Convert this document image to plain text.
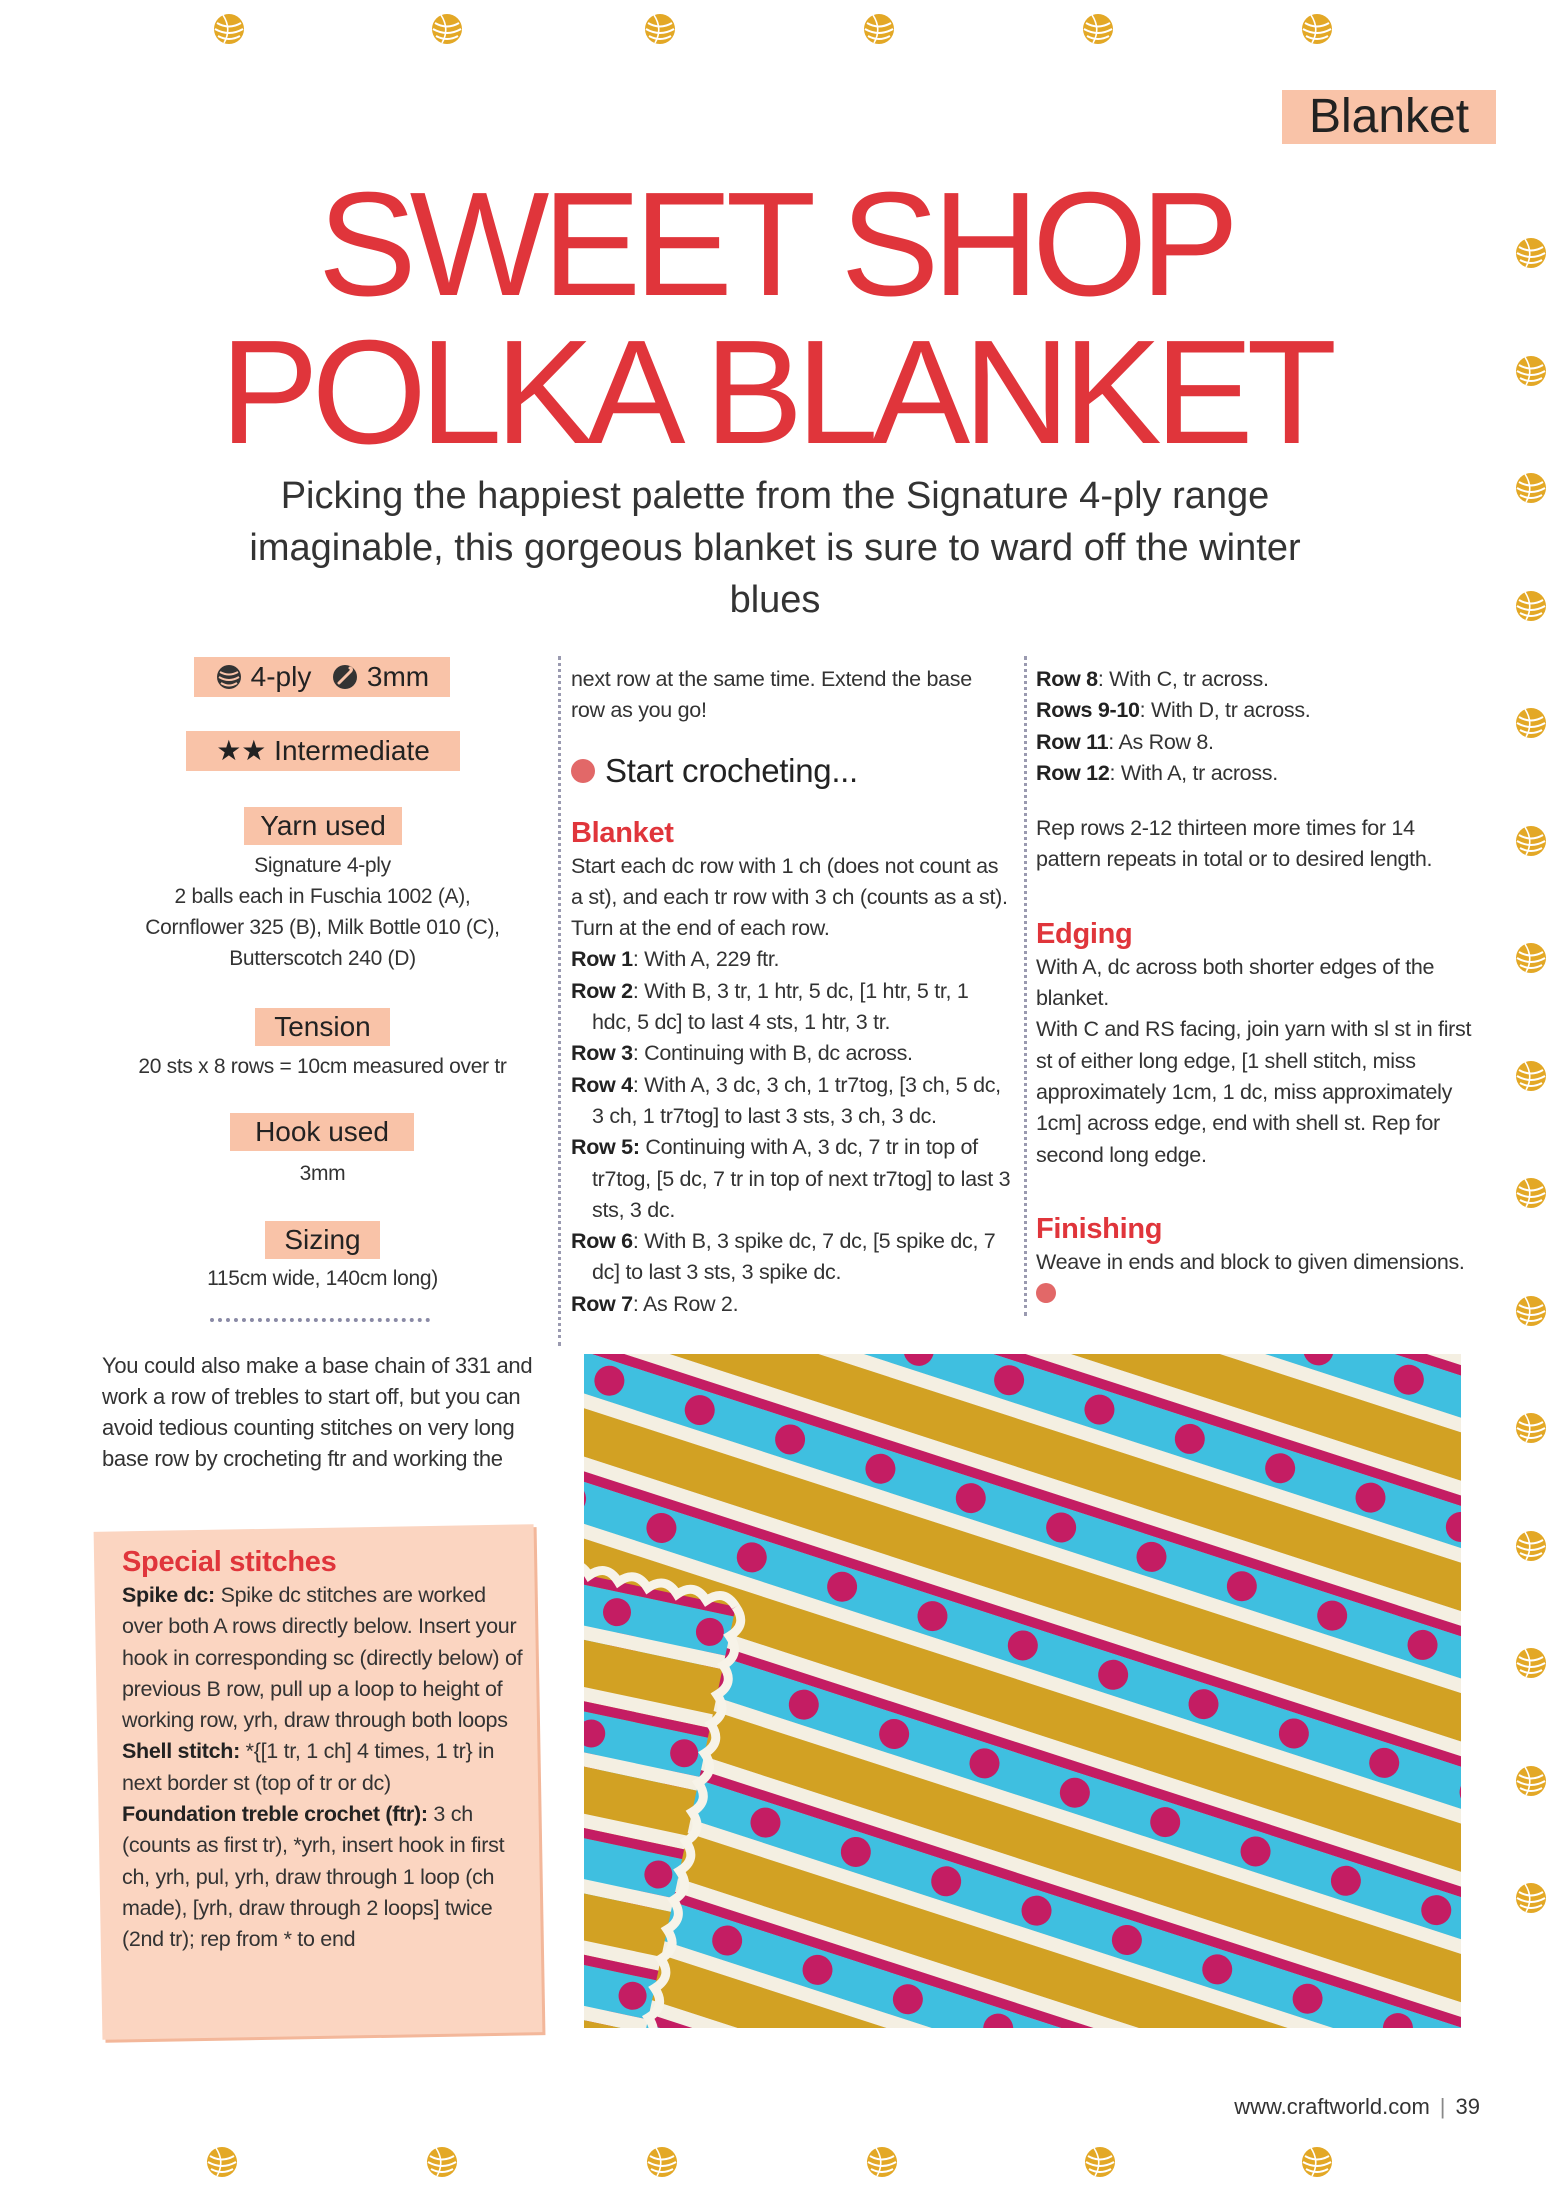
Blanket
SWEET SHOP
POLKA BLANKET
Picking the happiest palette from the Signature 4-ply range imaginable, this gorgeous blanket is sure to ward off the winter blues
4-ply 3mm
★★ Intermediate
Yarn used
Signature 4-ply
2 balls each in Fuschia 1002 (A),
Cornflower 325 (B), Milk Bottle 010 (C),
Butterscotch 240 (D)
Tension
20 sts x 8 rows = 10cm measured over tr
Hook used
3mm
Sizing
115cm wide, 140cm long)
You could also make a base chain of 331 and work a row of trebles to start off, but you can avoid tedious counting stitches on very long base row by crocheting ftr and working the
Special stitches
Spike dc: Spike dc stitches are worked over both A rows directly below. Insert your hook in corresponding sc (directly below) of previous B row, pull up a loop to height of working row, yrh, draw through both loops
Shell stitch: *{[1 tr, 1 ch] 4 times, 1 tr} in next border st (top of tr or dc)
Foundation treble crochet (ftr): 3 ch (counts as first tr), *yrh, insert hook in first ch, yrh, pul, yrh, draw through 1 loop (ch made), [yrh, draw through 2 loops] twice (2nd tr); rep from * to end

next row at the same time. Extend the base row as you go!

Start crocheting...

Blanket

Start each dc row with 1 ch (does not count as a st), and each tr row with 3 ch (counts as a st). Turn at the end of each row.

Row 1: With A, 229 ftr.

Row 2: With B, 3 tr, 1 htr, 5 dc, [1 htr, 5 tr, 1 hdc, 5 dc] to last 4 sts, 1 htr, 3 tr.

Row 3: Continuing with B, dc across.

Row 4: With A, 3 dc, 3 ch, 1 tr7tog, [3 ch, 5 dc, 3 ch, 1 tr7tog] to last 3 sts, 3 ch, 3 dc.

Row 5: Continuing with A, 3 dc, 7 tr in top of tr7tog, [5 dc, 7 tr in top of next tr7tog] to last 3 sts, 3 dc.

Row 6: With B, 3 spike dc, 7 dc, [5 spike dc, 7 dc] to last 3 sts, 3 spike dc.

Row 7: As Row 2.

Row 8: With C, tr across.

Rows 9-10: With D, tr across.

Row 11: As Row 8.

Row 12: With A, tr across.

Rep rows 2-12 thirteen more times for 14 pattern repeats in total or to desired length.

Edging

With A, dc across both shorter edges of the blanket.

With C and RS facing, join yarn with sl st in first st of either long edge, [1 shell stitch, miss approximately 1cm, 1 dc, miss approximately 1cm] across edge, end with shell st. Rep for second long edge.

Finishing

Weave in ends and block to given dimensions.

www.craftworld.com | 39
